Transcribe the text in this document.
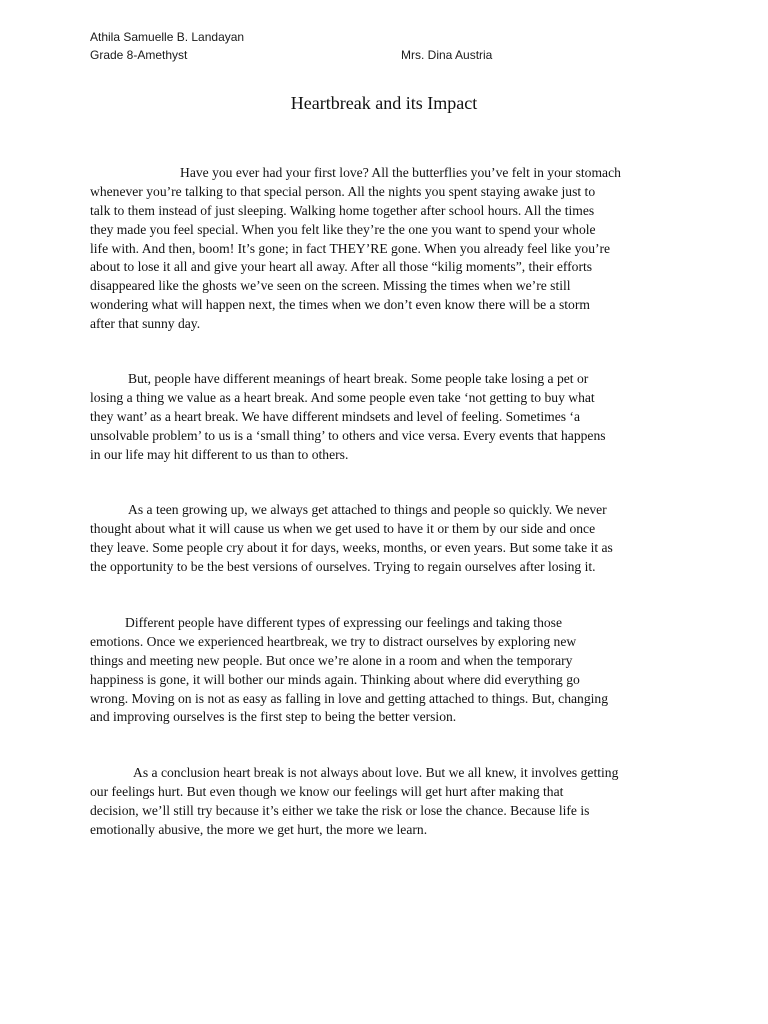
Athila Samuelle B. Landayan
Grade 8-Amethyst	Mrs. Dina Austria
Heartbreak and its Impact
Have you ever had your first love? All the butterflies you’ve felt in your stomach
whenever you’re talking to that special person. All the nights you spent staying awake just to
talk to them instead of just sleeping. Walking home together after school hours. All the times
they made you feel special. When you felt like they’re the one you want to spend your whole
life with. And then, boom! It’s gone; in fact THEY’RE gone. When you already feel like you’re
about to lose it all and give your heart all away. After all those “kilig moments”, their efforts
disappeared like the ghosts we’ve seen on the screen. Missing the times when we’re still
wondering what will happen next, the times when we don’t even know there will be a storm
after that sunny day.
But, people have different meanings of heart break. Some people take losing a pet or
losing a thing we value as a heart break. And some people even take ‘not getting to buy what
they want’ as a heart break. We have different mindsets and level of feeling. Sometimes ‘a
unsolvable problem’ to us is a ‘small thing’ to others and vice versa. Every events that happens
in our life may hit different to us than to others.
As a teen growing up, we always get attached to things and people so quickly. We never
thought about what it will cause us when we get used to have it or them by our side and once
they leave. Some people cry about it for days, weeks, months, or even years. But some take it as
the opportunity to be the best versions of ourselves. Trying to regain ourselves after losing it.
Different people have different types of expressing our feelings and taking those
emotions. Once we experienced heartbreak, we try to distract ourselves by exploring new
things and meeting new people. But once we’re alone in a room and when the temporary
happiness is gone, it will bother our minds again. Thinking about where did everything go
wrong. Moving on is not as easy as falling in love and getting attached to things. But, changing
and improving ourselves is the first step to being the better version.
As a conclusion heart break is not always about love. But we all knew, it involves getting
our feelings hurt. But even though we know our feelings will get hurt after making that
decision, we’ll still try because it’s either we take the risk or lose the chance. Because life is
emotionally abusive, the more we get hurt, the more we learn.
